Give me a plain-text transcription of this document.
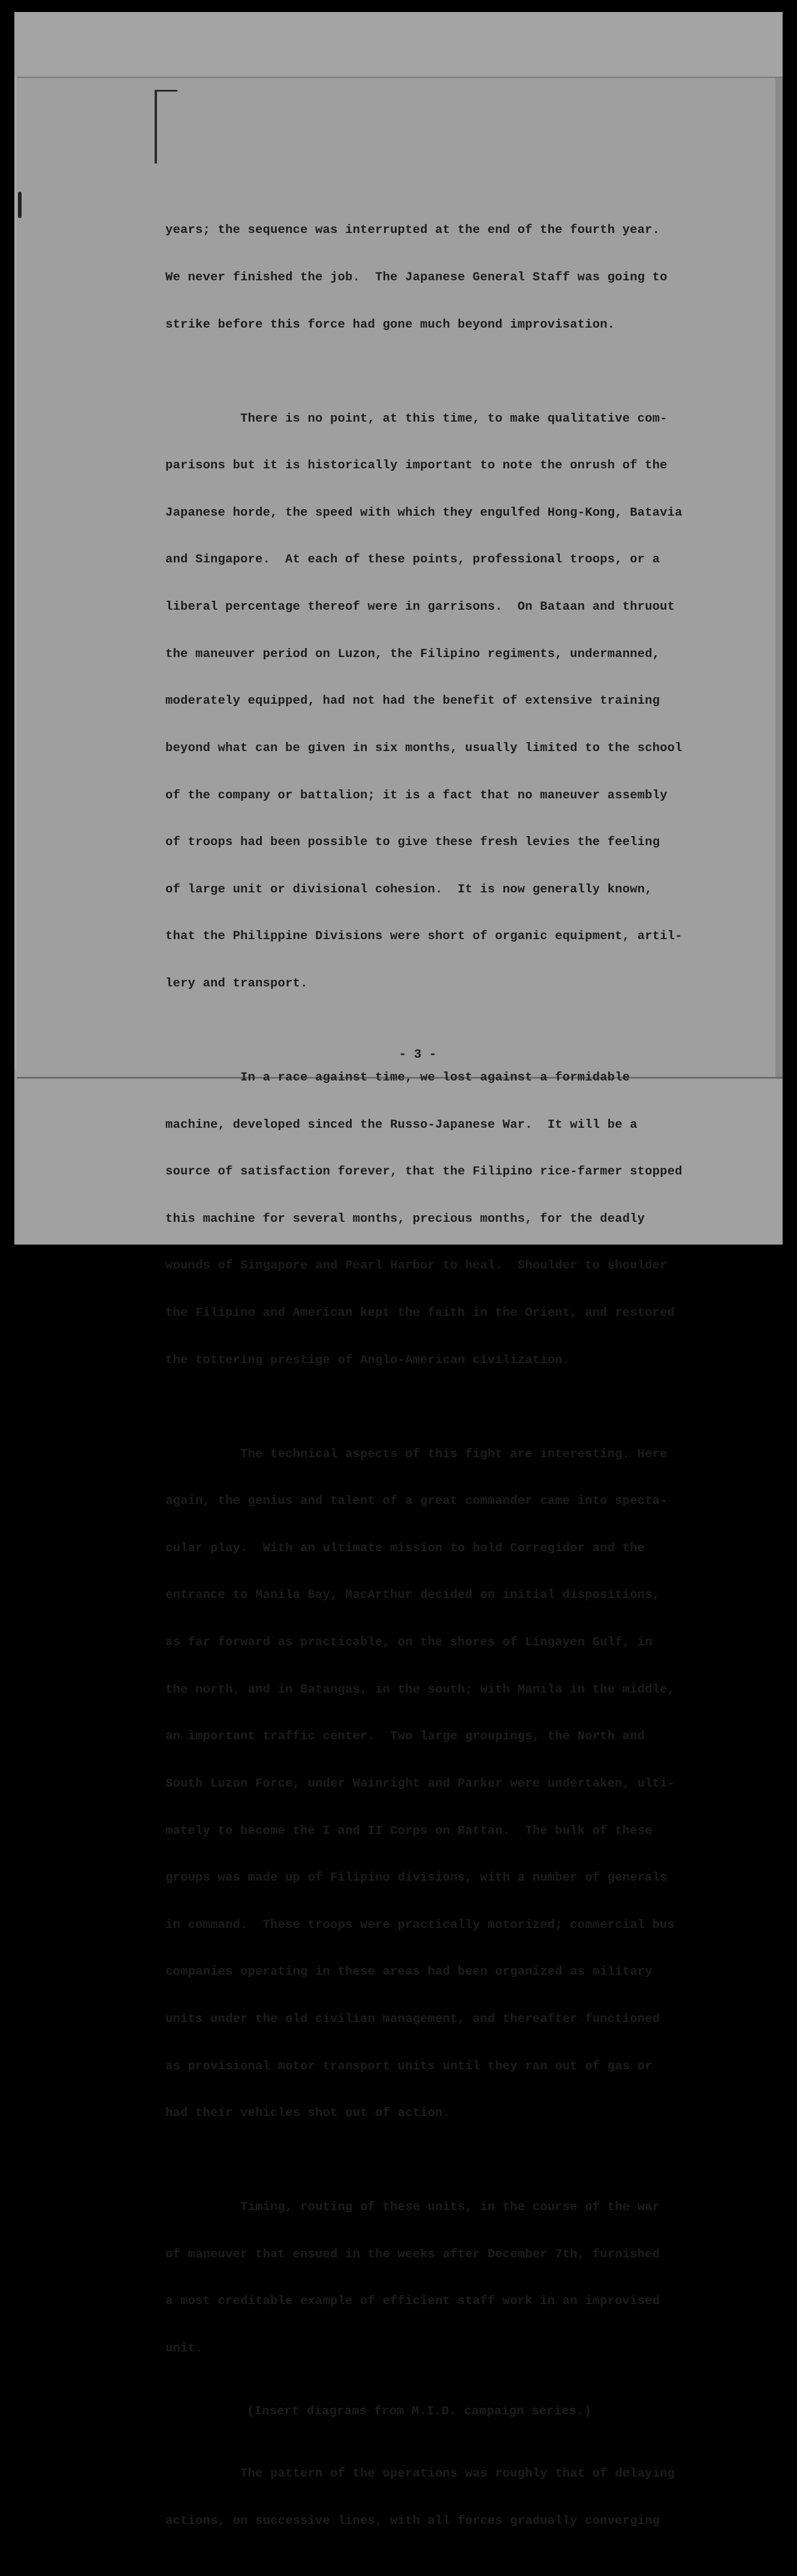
years; the sequence was interrupted at the end of the fourth year.

We never finished the job.  The Japanese General Staff was going to

strike before this force had gone much beyond improvisation.

There is no point, at this time, to make qualitative com-

parisons but it is historically important to note the onrush of the

Japanese horde, the speed with which they engulfed Hong-Kong, Batavia

and Singapore.  At each of these points, professional troops, or a

liberal percentage thereof were in garrisons.  On Bataan and thruout

the maneuver period on Luzon, the Filipino regiments, undermanned,

moderately equipped, had not had the benefit of extensive training

beyond what can be given in six months, usually limited to the school

of the company or battalion; it is a fact that no maneuver assembly

of troops had been possible to give these fresh levies the feeling

of large unit or divisional cohesion.  It is now generally known,

that the Philippine Divisions were short of organic equipment, artil-

lery and transport.

In a race against time, we lost against a formidable

machine, developed sinced the Russo-Japanese War.  It will be a

source of satisfaction forever, that the Filipino rice-farmer stopped

this machine for several months, precious months, for the deadly

wounds of Singapore and Pearl Harbor to heal.  Shoulder to shoulder

the Filipino and American kept the faith in the Orient, and restored

the tottering prestige of Anglo-American civilization.

The technical aspects of this fight are interesting. Here

again, the genius and talent of a great commander came into specta-

cular play.  With an ultimate mission to hold Corregidor and the

entrance to Manila Bay, MacArthur decided on initial dispositions,

as far forward as practicable, on the shores of Lingayen Gulf, in

the north, and in Batangas, in the south; with Manila in the middle,

an important traffic center.  Two large groupings, the North and

South Luzon Force, under Wainright and Parker were undertaken, ulti-

mately to become the I and II Corps on Battan.  The bulk of these

groups was made up of Filipino divisions, with a number of generals

in command.  These troops were practically motorized; commercial bus

companies operating in these areas had been organized as military

units under the old civilian management, and thereafter functioned

as provisional motor transport units until they ran out of gas or

had their vehicles shot out of action.

Timing, routing of these units, in the course of the war

of maneuver that ensued in the weeks after December 7th, furnished

a most creditable example of efficient staff work in an improvised

unit.

(Insert diagrams from M.I.D. campaign series.)

The pattern of the operations was roughly that of delaying

actions, on successive lines, with all forces gradually converging

- 3 -
